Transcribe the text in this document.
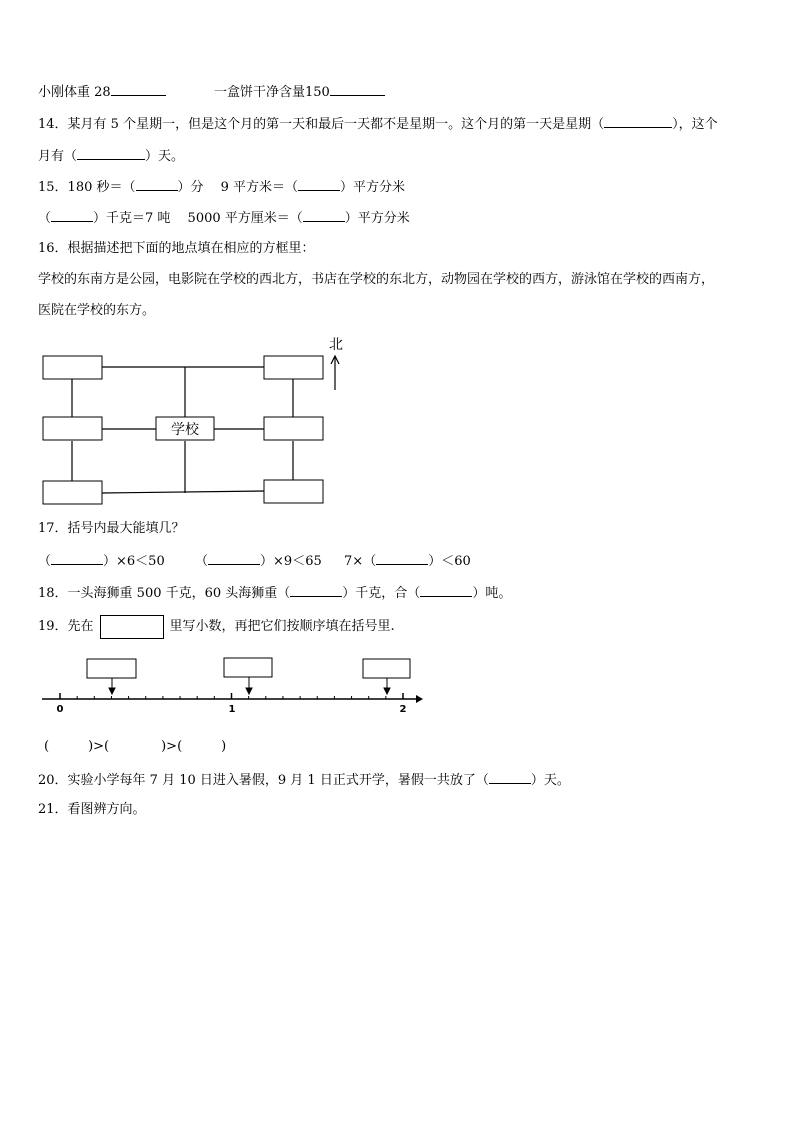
小刚体重 28	一盒饼干净含量150
14．某月有 5 个星期一，但是这个月的第一天和最后一天都不是星期一。这个月的第一天是星期（	），这个
月有（	）天。
15．180 秒＝（	）分　 9 平方米＝（	）平方分米
（	）千克＝7 吨　 5000 平方厘米＝（	）平方分米
16．根据描述把下面的地点填在相应的方框里：
学校的东南方是公园，电影院在学校的西北方，书店在学校的东北方，动物园在学校的西方，游泳馆在学校的西南方，
医院在学校的东方。
学校
北
17．括号内最大能填几？
（	）×6＜50 （	）×9＜65 7×（	）＜60
18．一头海狮重 500 千克，60 头海狮重（	）千克，合（	）吨。
19．先在	里写小数，再把它们按顺序填在括号里.
0	1	2
(　　　)>(　　　　)>(　　　)
20．实验小学每年 7 月 10 日进入暑假，9 月 1 日正式开学，暑假一共放了（	）天。
21．看图辨方向。
